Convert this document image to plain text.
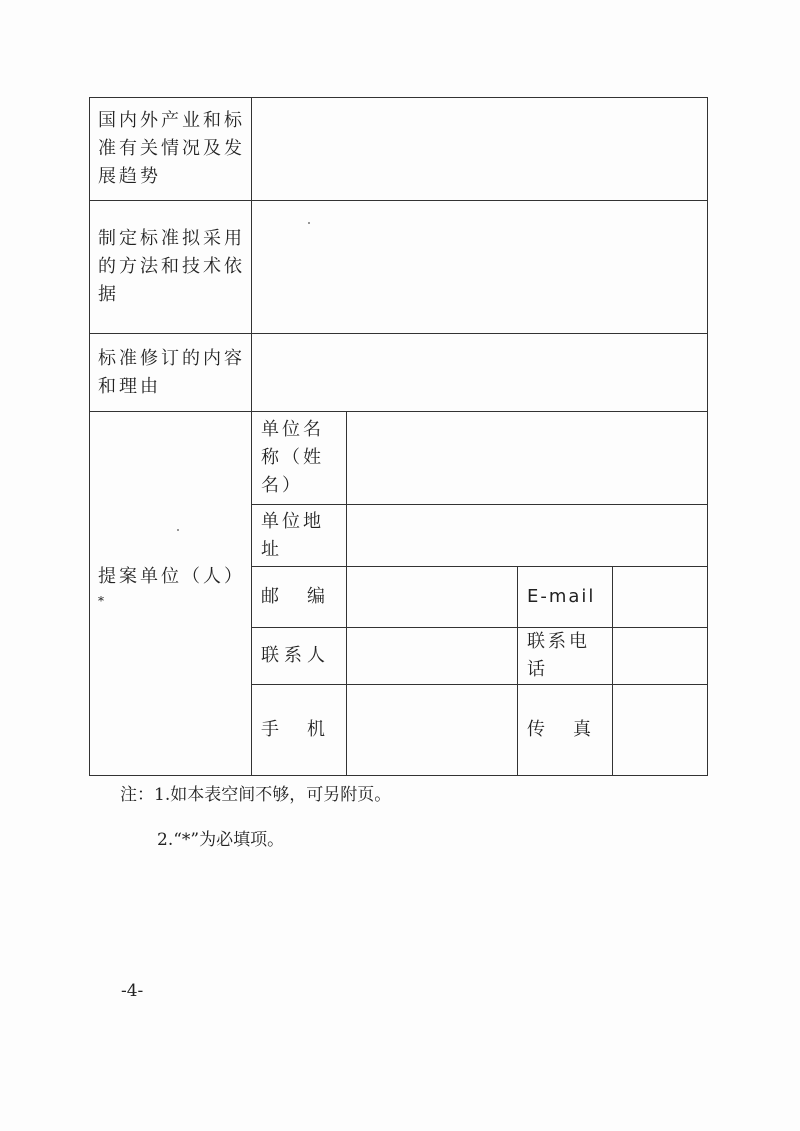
国内外产业和标准有关情况及发展趋势				
制定标准拟采用的方法和技术依据				
标准修订的内容和理由				
提案单位（人）*	单位名称（姓名）			
	单位地址			

	邮 编		E-mail	

	联 系 人		联系电话	

	手 机		传 真	

注：1.如本表空间不够，可另附页。
2.“*”为必填项。
-4-
